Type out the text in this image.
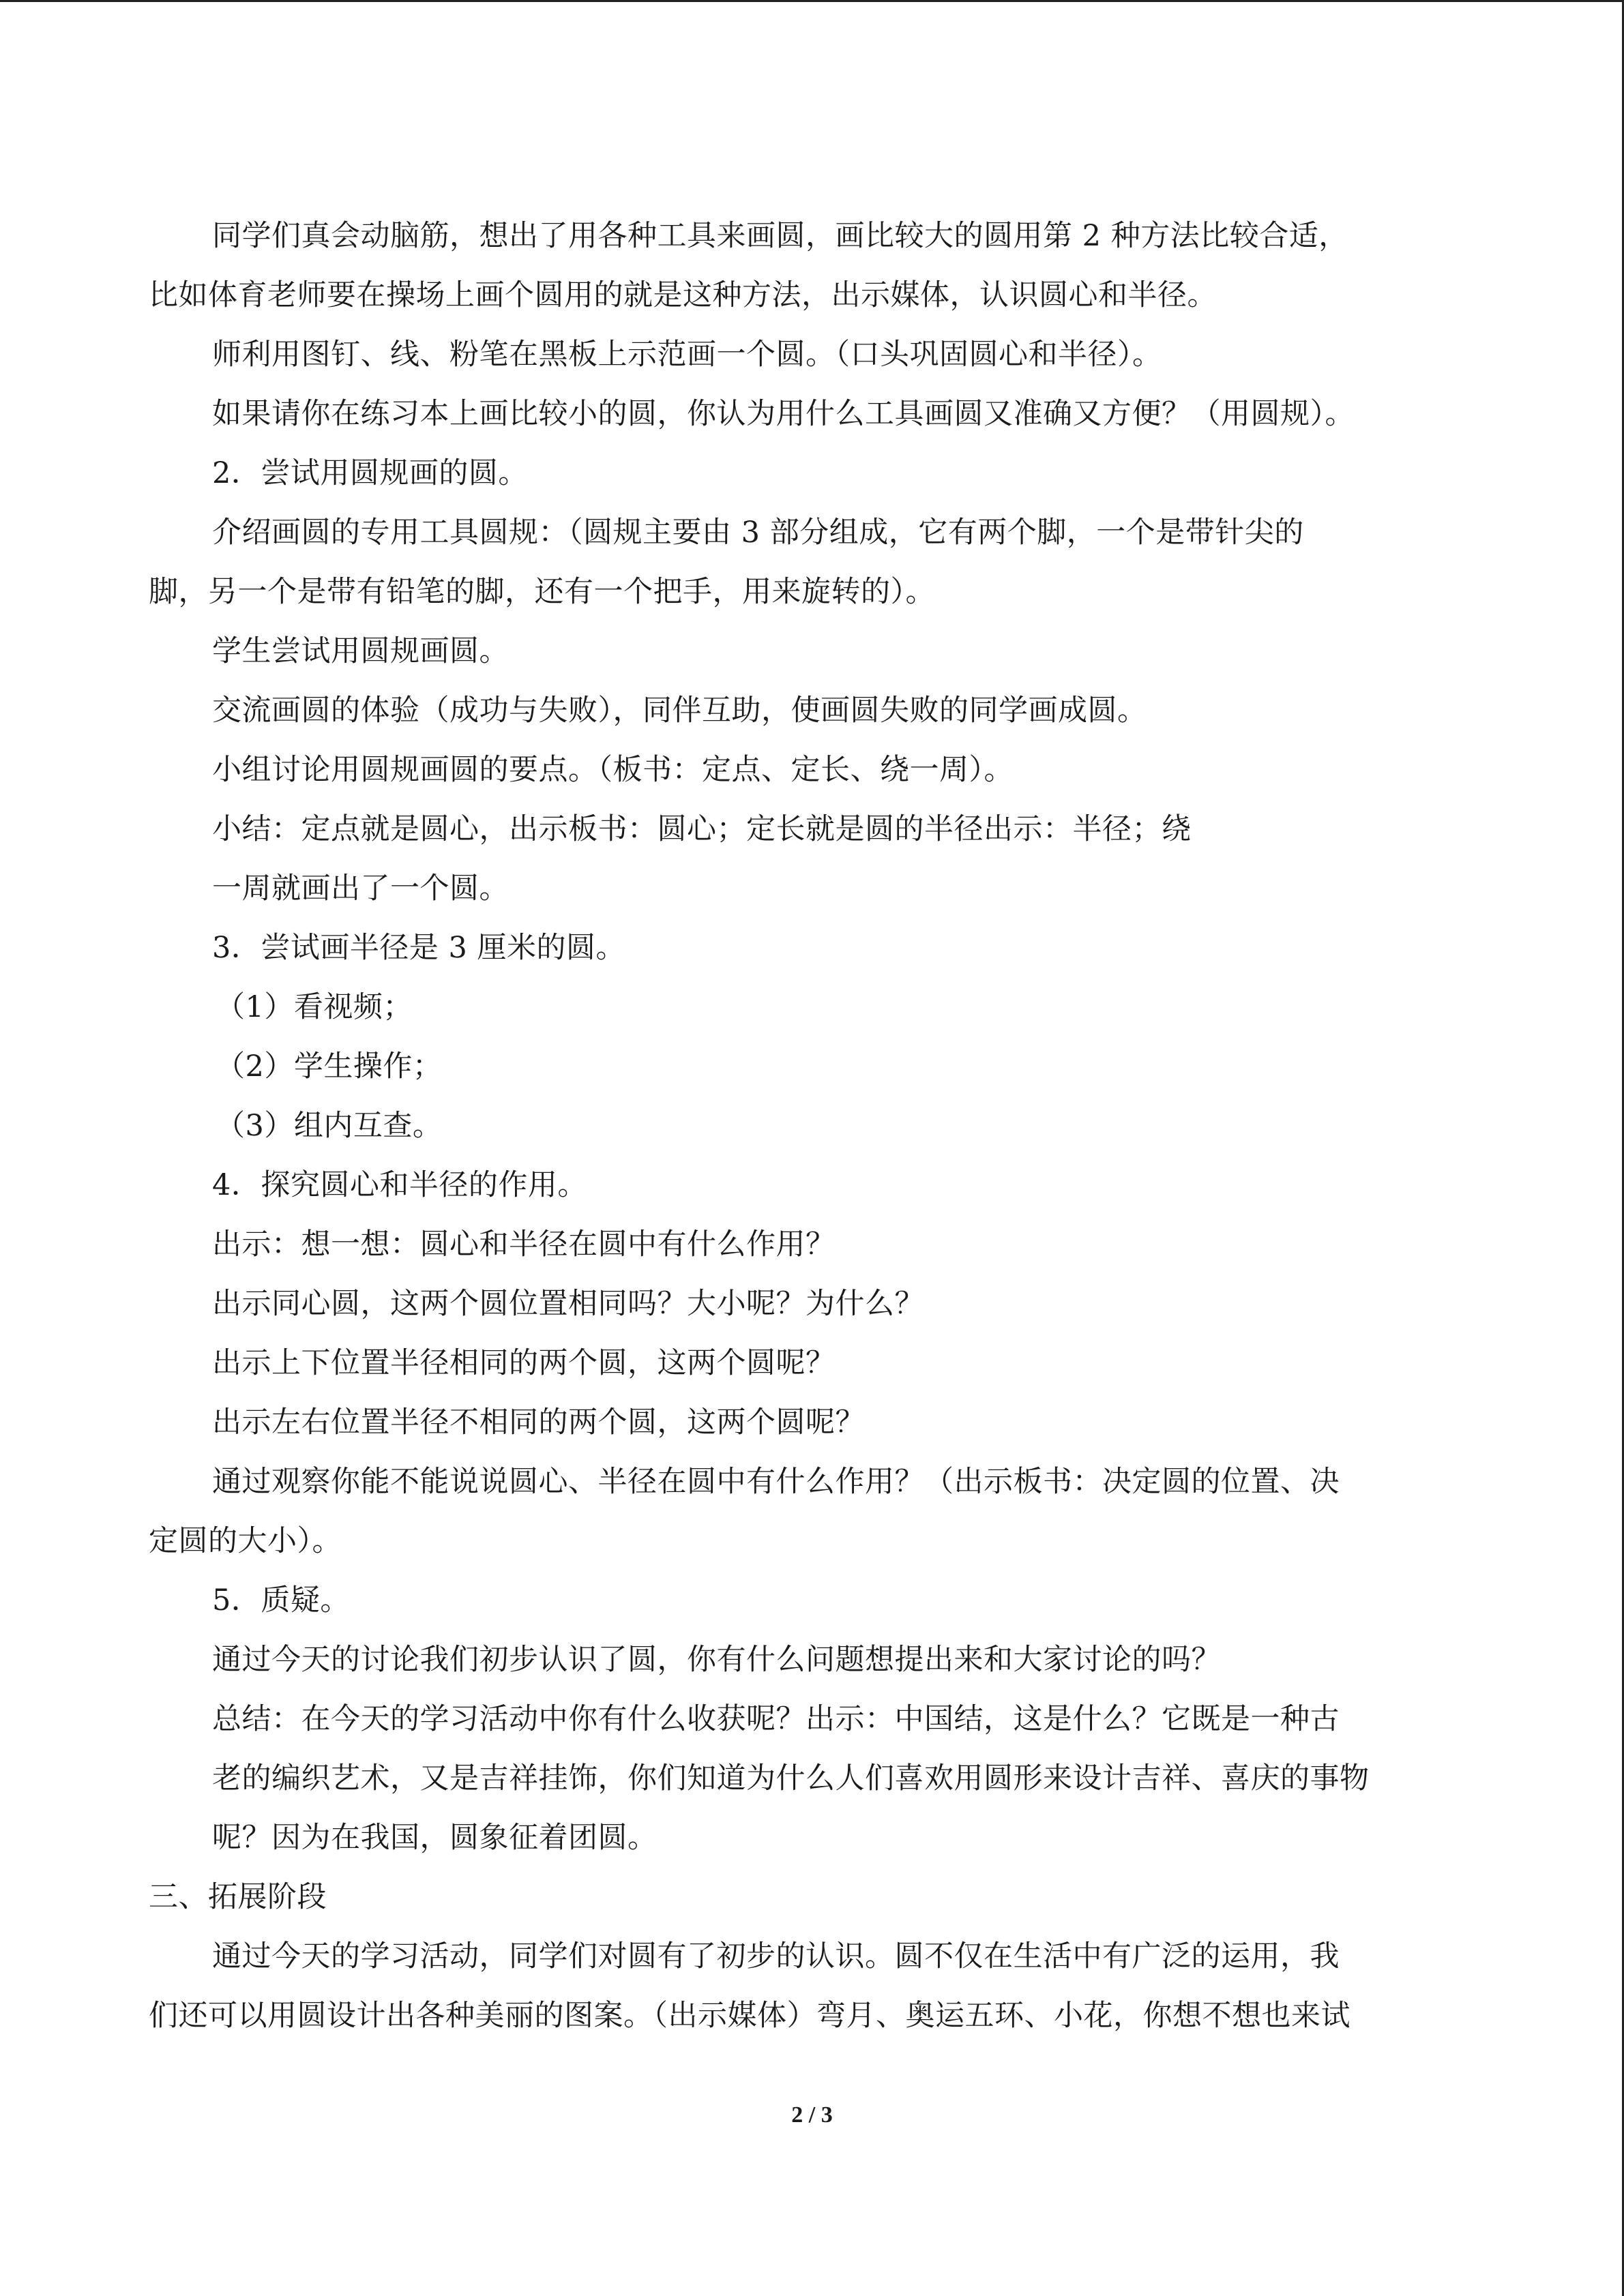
同学们真会动脑筋，想出了用各种工具来画圆，画比较大的圆用第 2 种方法比较合适，
比如体育老师要在操场上画个圆用的就是这种方法，出示媒体，认识圆心和半径。
师利用图钉、线、粉笔在黑板上示范画一个圆。（口头巩固圆心和半径）。
如果请你在练习本上画比较小的圆，你认为用什么工具画圆又准确又方便？（用圆规）。
2．尝试用圆规画的圆。
介绍画圆的专用工具圆规：（圆规主要由 3 部分组成，它有两个脚，一个是带针尖的
脚，另一个是带有铅笔的脚，还有一个把手，用来旋转的）。
学生尝试用圆规画圆。
交流画圆的体验（成功与失败），同伴互助，使画圆失败的同学画成圆。
小组讨论用圆规画圆的要点。（板书：定点、定长、绕一周）。
小结：定点就是圆心，出示板书：圆心；定长就是圆的半径出示：半径；绕
一周就画出了一个圆。
3．尝试画半径是 3 厘米的圆。
（1）看视频；
（2）学生操作；
（3）组内互查。
4．探究圆心和半径的作用。
出示：想一想：圆心和半径在圆中有什么作用？
出示同心圆，这两个圆位置相同吗？大小呢？为什么？
出示上下位置半径相同的两个圆，这两个圆呢？
出示左右位置半径不相同的两个圆，这两个圆呢？
通过观察你能不能说说圆心、半径在圆中有什么作用？（出示板书：决定圆的位置、决
定圆的大小）。
5．质疑。
通过今天的讨论我们初步认识了圆，你有什么问题想提出来和大家讨论的吗？
总结：在今天的学习活动中你有什么收获呢？出示：中国结，这是什么？它既是一种古
老的编织艺术，又是吉祥挂饰，你们知道为什么人们喜欢用圆形来设计吉祥、喜庆的事物
呢？因为在我国，圆象征着团圆。
三、拓展阶段
通过今天的学习活动，同学们对圆有了初步的认识。圆不仅在生活中有广泛的运用，我
们还可以用圆设计出各种美丽的图案。（出示媒体）弯月、奥运五环、小花，你想不想也来试
2 / 3
